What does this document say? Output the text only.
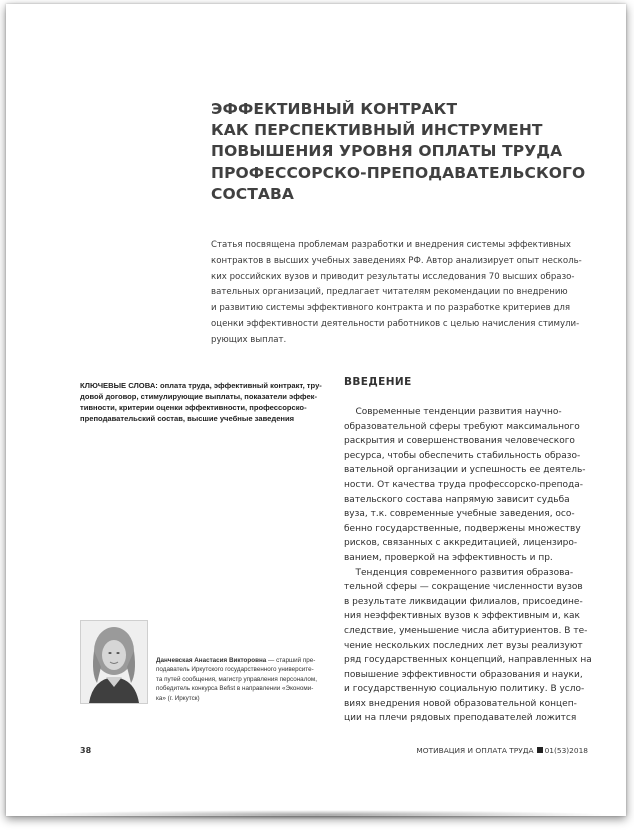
ЭФФЕКТИВНЫЙ КОНТРАКТ
КАК ПЕРСПЕКТИВНЫЙ ИНСТРУМЕНТ
ПОВЫШЕНИЯ УРОВНЯ ОПЛАТЫ ТРУДА
ПРОФЕССОРСКО-ПРЕПОДАВАТЕЛЬСКОГО
СОСТАВА
Статья посвящена проблемам разработки и внедрения системы эффективных
контрактов в высших учебных заведениях РФ. Автор анализирует опыт несколь-
ких российских вузов и приводит результаты исследования 70 высших образо-
вательных организаций, предлагает читателям рекомендации по внедрению
и развитию системы эффективного контракта и по разработке критериев для
оценки эффективности деятельности работников с целью начисления стимули-
рующих выплат.
КЛЮЧЕВЫЕ СЛОВА: оплата труда, эффективный контракт, тру-
довой договор, стимулирующие выплаты, показатели эффек-
тивности, критерии оценки эффективности, профессорско-
преподавательский состав, высшие учебные заведения
ВВЕДЕНИЕ
Современные тенденции развития научно-
образовательной сферы требуют максимального
раскрытия и совершенствования человеческого
ресурса, чтобы обеспечить стабильность образо-
вательной организации и успешность ее деятель-
ности. От качества труда профессорско-препода-
вательского состава напрямую зависит судьба
вуза, т.к. современные учебные заведения, осо-
бенно государственные, подвержены множеству
рисков, связанных с аккредитацией, лицензиро-
ванием, проверкой на эффективность и пр.
Тенденция современного развития образова-
тельной сферы — сокращение численности вузов
в результате ликвидации филиалов, присоедине-
ния неэффективных вузов к эффективным и, как
следствие, уменьшение числа абитуриентов. В те-
чение нескольких последних лет вузы реализуют
ряд государственных концепций, направленных на
повышение эффективности образования и науки,
и государственную социальную политику. В усло-
виях внедрения новой образовательной концеп-
ции на плечи рядовых преподавателей ложится
Данчевская Анастасия Викторовна — старший пре-
подаватель Иркутского государственного университе-
та путей сообщения, магистр управления персоналом,
победитель конкурса Befist в направлении «Экономи-
ка» (г. Иркутск)
38	МОТИВАЦИЯ И ОПЛАТА ТРУДА 01(53)2018
